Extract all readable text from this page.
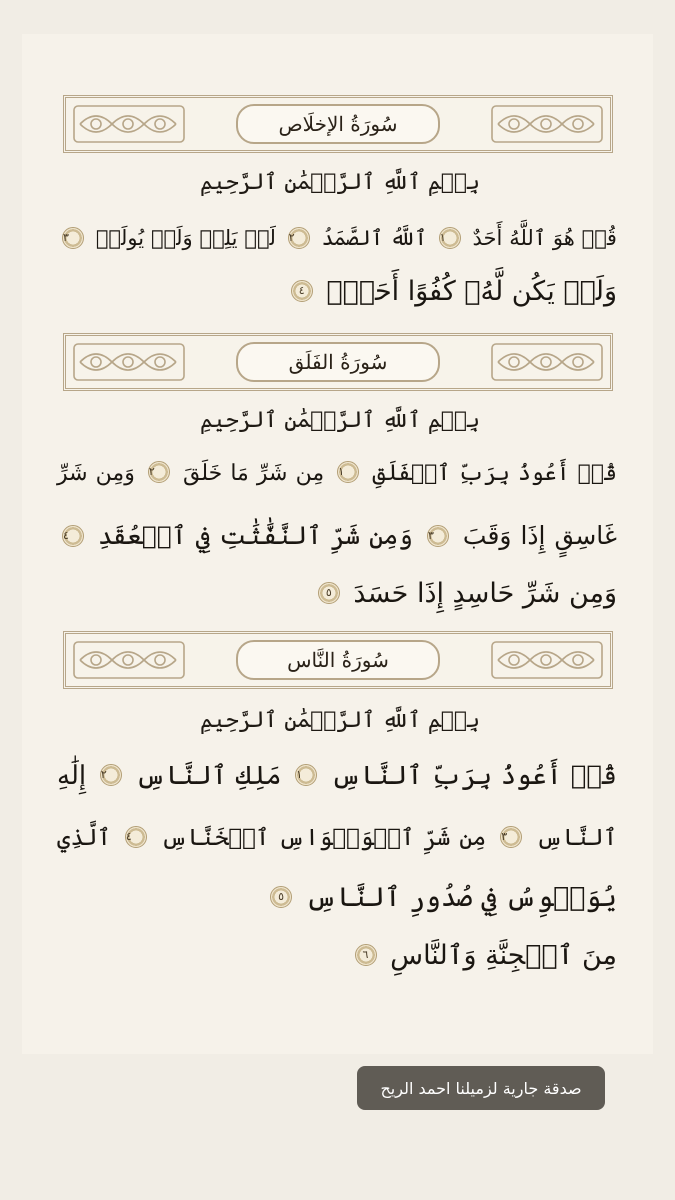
سُورَةُ الإخلَاص
بِسۡمِ ٱللَّهِ ٱلرَّحۡمَٰنِ ٱلرَّحِيمِ
قُلۡ هُوَ ٱللَّهُ أَحَدٌ ١ ٱللَّهُ ٱلصَّمَدُ ٢ لَمۡ يَلِدۡ وَلَمۡ يُولَدۡ ٣
وَلَمۡ يَكُن لَّهُۥ كُفُوًا أَحَدُۢ ٤
سُورَةُ الفَلَق
بِسۡمِ ٱللَّهِ ٱلرَّحۡمَٰنِ ٱلرَّحِيمِ
قُلۡ أَعُوذُ بِرَبِّ ٱلۡفَلَقِ ١ مِن شَرِّ مَا خَلَقَ ٢ وَمِن شَرِّ
غَاسِقٍ إِذَا وَقَبَ ٣ وَمِن شَرِّ ٱلنَّفَّٰثَٰتِ فِي ٱلۡعُقَدِ ٤
وَمِن شَرِّ حَاسِدٍ إِذَا حَسَدَ ٥
سُورَةُ النَّاس
بِسۡمِ ٱللَّهِ ٱلرَّحۡمَٰنِ ٱلرَّحِيمِ
قُلۡ أَعُوذُ بِرَبِّ ٱلنَّاسِ ١ مَلِكِ ٱلنَّاسِ ٢ إِلَٰهِ
ٱلنَّاسِ ٣ مِن شَرِّ ٱلۡوَسۡوَاسِ ٱلۡخَنَّاسِ ٤ ٱلَّذِي
يُوَسۡوِسُ فِي صُدُورِ ٱلنَّاسِ ٥
مِنَ ٱلۡجِنَّةِ وَٱلنَّاسِ ٦
صدقة جارية لزميلنا احمد الريح
